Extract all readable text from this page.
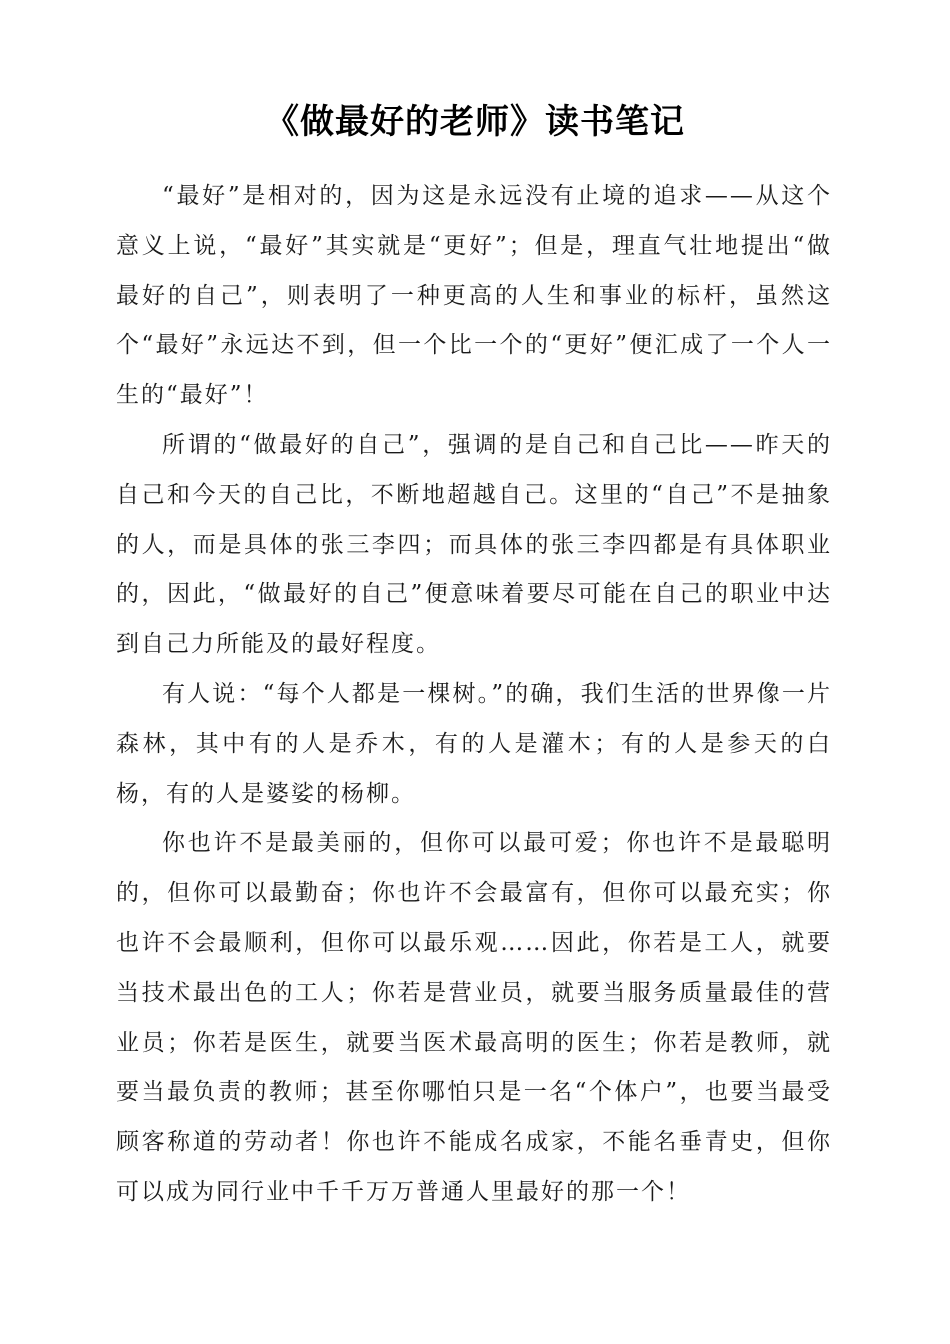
《做最好的老师》读书笔记

“最好”是相对的，因为这是永远没有止境的追求——从这个意义上说，“最好”其实就是“更好”；但是，理直气壮地提出“做最好的自己”，则表明了一种更高的人生和事业的标杆，虽然这个“最好”永远达不到，但一个比一个的“更好”便汇成了一个人一生的“最好”！

所谓的“做最好的自己”，强调的是自己和自己比——昨天的自己和今天的自己比，不断地超越自己。这里的“自己”不是抽象的人，而是具体的张三李四；而具体的张三李四都是有具体职业的，因此，“做最好的自己”便意味着要尽可能在自己的职业中达到自己力所能及的最好程度。

有人说：“每个人都是一棵树。”的确，我们生活的世界像一片森林，其中有的人是乔木，有的人是灌木；有的人是参天的白杨，有的人是婆娑的杨柳。

你也许不是最美丽的，但你可以最可爱；你也许不是最聪明的，但你可以最勤奋；你也许不会最富有，但你可以最充实；你也许不会最顺利，但你可以最乐观……因此，你若是工人，就要当技术最出色的工人；你若是营业员，就要当服务质量最佳的营业员；你若是医生，就要当医术最高明的医生；你若是教师，就要当最负责的教师；甚至你哪怕只是一名“个体户”，也要当最受顾客称道的劳动者！你也许不能成名成家，不能名垂青史，但你可以成为同行业中千千万万普通人里最好的那一个！
